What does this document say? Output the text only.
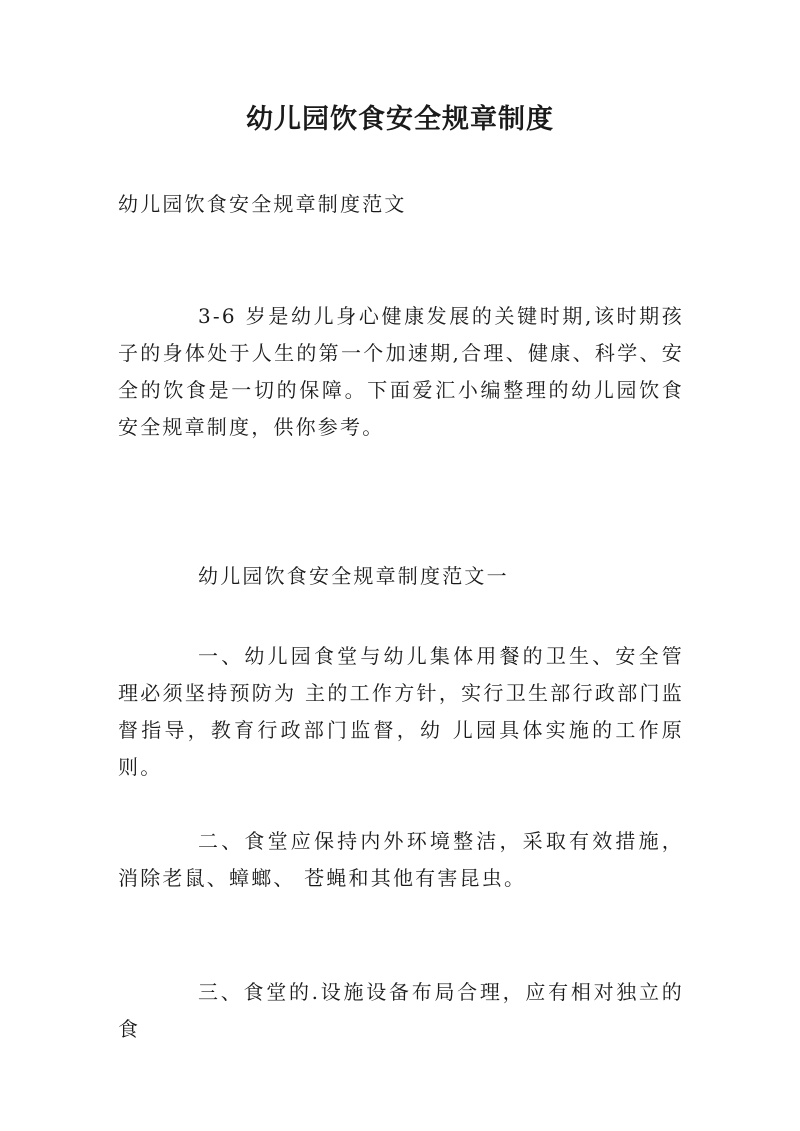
幼儿园饮食安全规章制度
幼儿园饮食安全规章制度范文
3-6 岁是幼儿身心健康发展的关键时期,该时期孩子的身体处于人生的第一个加速期,合理、健康、科学、安全的饮食是一切的保障。下面爱汇小编整理的幼儿园饮食安全规章制度，供你参考。
幼儿园饮食安全规章制度范文一
一、幼儿园食堂与幼儿集体用餐的卫生、安全管理必须坚持预防为 主的工作方针，实行卫生部行政部门监督指导，教育行政部门监督，幼 儿园具体实施的工作原则。
二、食堂应保持内外环境整洁，采取有效措施，消除老鼠、蟑螂、 苍蝇和其他有害昆虫。
三、食堂的.设施设备布局合理，应有相对独立的食
